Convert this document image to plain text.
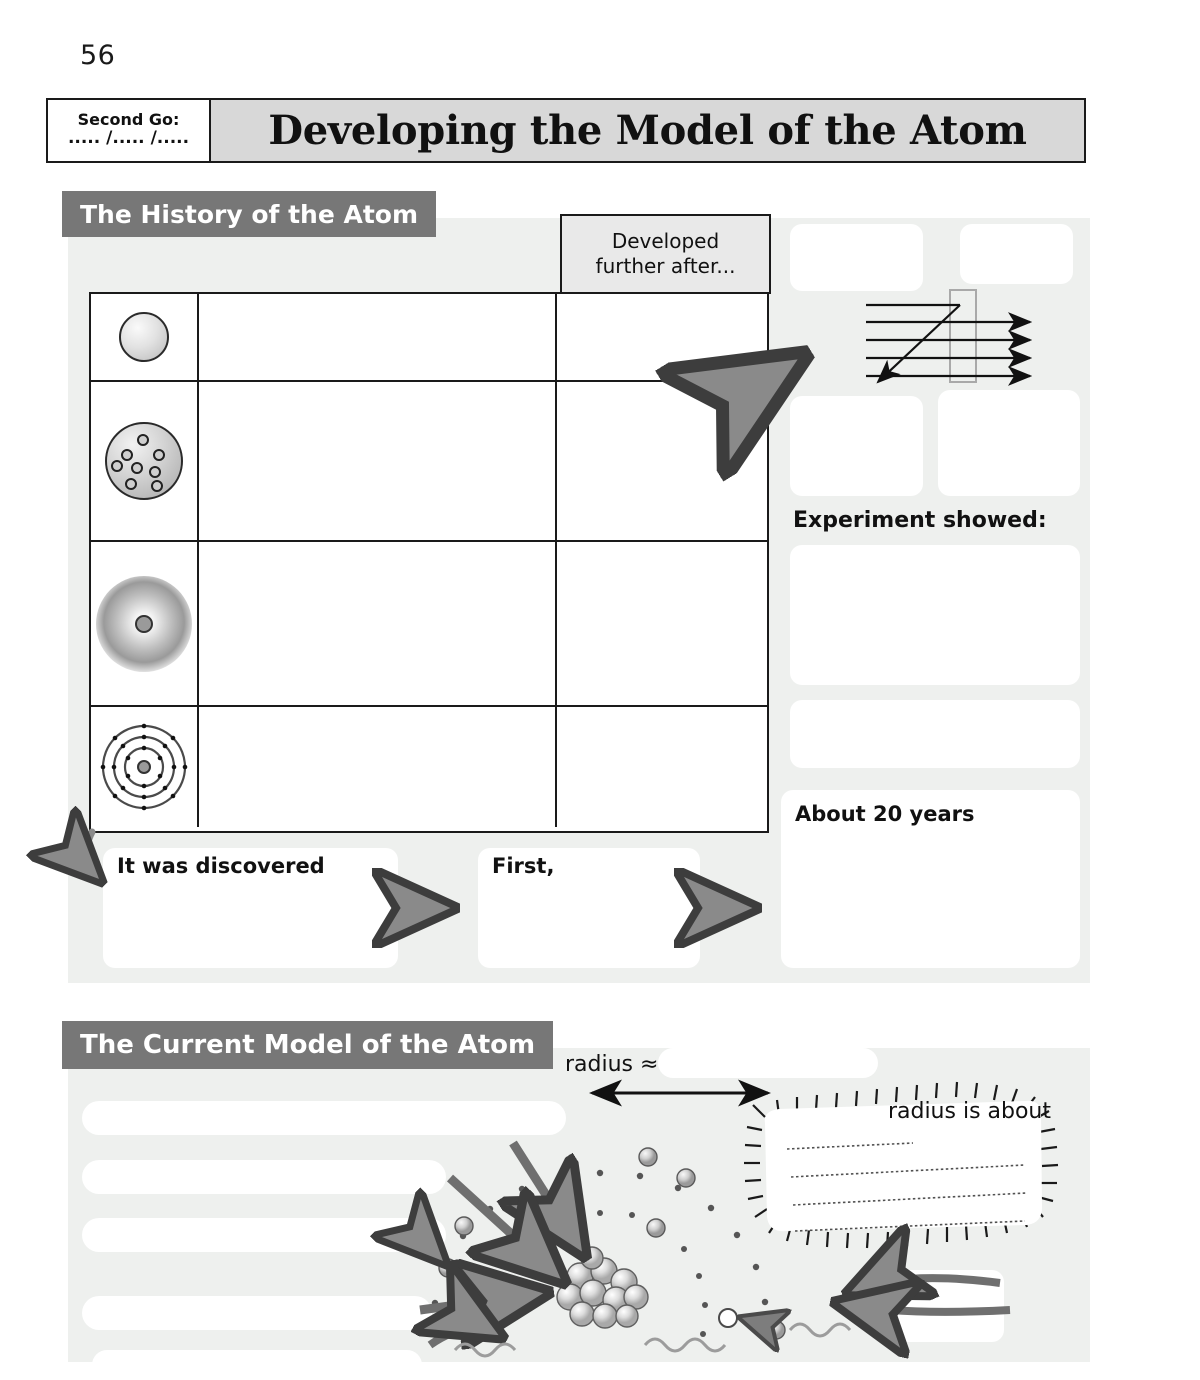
56
Second Go:
..... /..... /.....	Developing the Model of the Atom
The History of the Atom
Developed
further after...
Experiment showed:
It was discovered	First,
About 20 years
The Current Model of the Atom
radius ≈
radius is about
